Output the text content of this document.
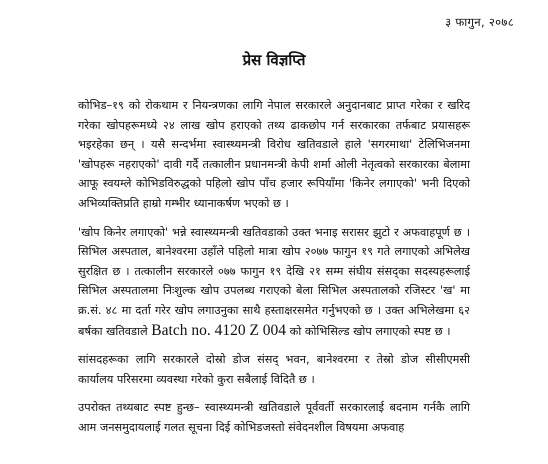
३ फागुन, २०७८
प्रेस विज्ञप्ति

कोभिड–१९ को रोकथाम र नियन्त्रणका लागि नेपाल सरकारले अनुदानबाट प्राप्त गरेका र खरिद गरेका खोपहरूमध्ये २४ लाख खोप हराएको तथ्य ढाकछोप गर्न सरकारका तर्फबाट प्रयासहरू भइरहेका छन् । यसै सन्दर्भमा स्वास्थ्यमन्त्री विरोध खतिवडाले हाले 'सगरमाथा' टेलिभिजनमा 'खोपहरू नहराएको' दावी गर्दै तत्कालीन प्रधानमन्त्री केपी शर्मा ओली नेतृत्वको सरकारका बेलामा आफू स्वयम्ले कोभिडविरुद्धको पहिलो खोप पाँच हजार रूपियाँमा 'किनेर लगाएको' भनी दिएको अभिव्यक्तिप्रति हाम्रो गम्भीर ध्यानाकर्षण भएको छ ।

'खोप किनेर लगाएको' भन्ने स्वास्थ्यमन्त्री खतिवडाको उक्त भनाइ सरासर झुटो र अफवाहपूर्ण छ । सिभिल अस्पताल, बानेश्वरमा उहाँले पहिलो मात्रा खोप २०७७ फागुन १९ गते लगाएको अभिलेख सुरक्षित छ । तत्कालीन सरकारले ०७७ फागुन १९ देखि २१ सम्म संघीय संसद्का सदस्यहरूलाई सिभिल अस्पतालमा निःशुल्क खोप उपलब्ध गराएको बेला सिभिल अस्पतालको रजिस्टर 'ख' मा क्र.सं. ४८ मा दर्ता गरेर खोप लगाउनुका साथै हस्ताक्षरसमेत गर्नुभएको छ । उक्त अभिलेखमा ६२ बर्षका खतिवडाले Batch no. 4120 Z 004 को कोभिसिल्ड खोप लगाएको स्पष्ट छ ।

सांसदहरूका लागि सरकारले दोस्रो डोज संसद् भवन, बानेश्वरमा र तेस्रो डोज सीसीएमसी कार्यालय परिसरमा व्यवस्था गरेको कुरा सबैलाई विदितै छ ।

उपरोक्त तथ्यबाट स्पष्ट हुन्छ– स्वास्थ्यमन्त्री खतिवडाले पूर्ववर्ती सरकारलाई बदनाम गर्नकै लागि आम जनसमुदायलाई गलत सूचना दिई कोभिडजस्तो संवेदनशील विषयमा अफवाह
